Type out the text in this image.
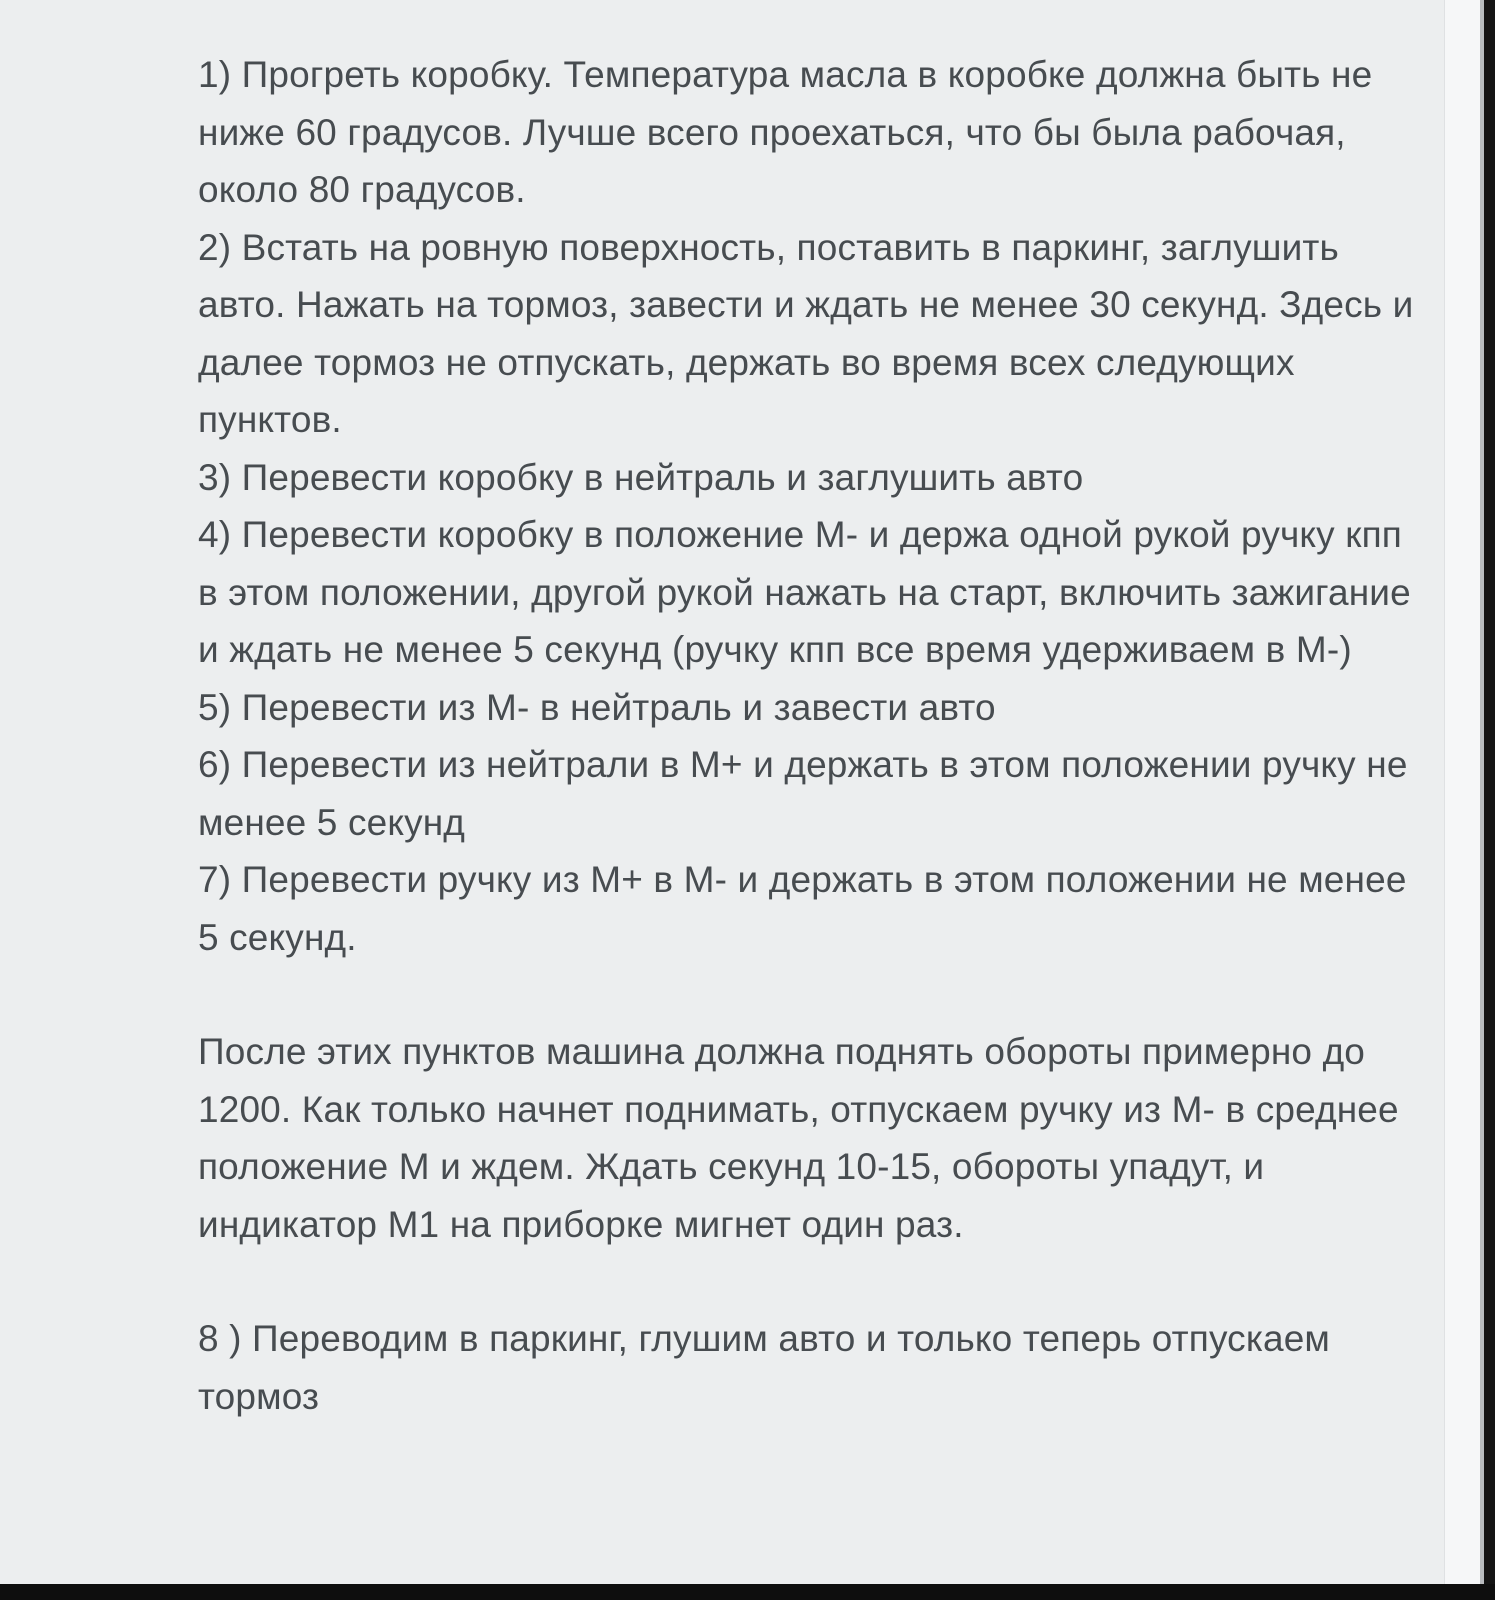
1) Прогреть коробку. Температура масла в коробке должна быть не ниже 60 градусов. Лучше всего проехаться, что бы была рабочая, около 80 градусов.

2) Встать на ровную поверхность, поставить в паркинг, заглушить авто. Нажать на тормоз, завести и ждать не менее 30 секунд. Здесь и далее тормоз не отпускать, держать во время всех следующих пунктов.

3) Перевести коробку в нейтраль и заглушить авто

4) Перевести коробку в положение М- и держа одной рукой ручку кпп в этом положении, другой рукой нажать на старт, включить зажигание и ждать не менее 5 секунд (ручку кпп все время удерживаем в М-)

5) Перевести из М- в нейтраль и завести авто

6) Перевести из нейтрали в М+ и держать в этом положении ручку не менее 5 секунд

7) Перевести ручку из М+ в М- и держать в этом положении не менее 5 секунд.

После этих пунктов машина должна поднять обороты примерно до 1200. Как только начнет поднимать, отпускаем ручку из М- в среднее положение М и ждем. Ждать секунд 10-15, обороты упадут, и индикатор М1 на приборке мигнет один раз.

8 ) Переводим в паркинг, глушим авто и только теперь отпускаем тормоз
